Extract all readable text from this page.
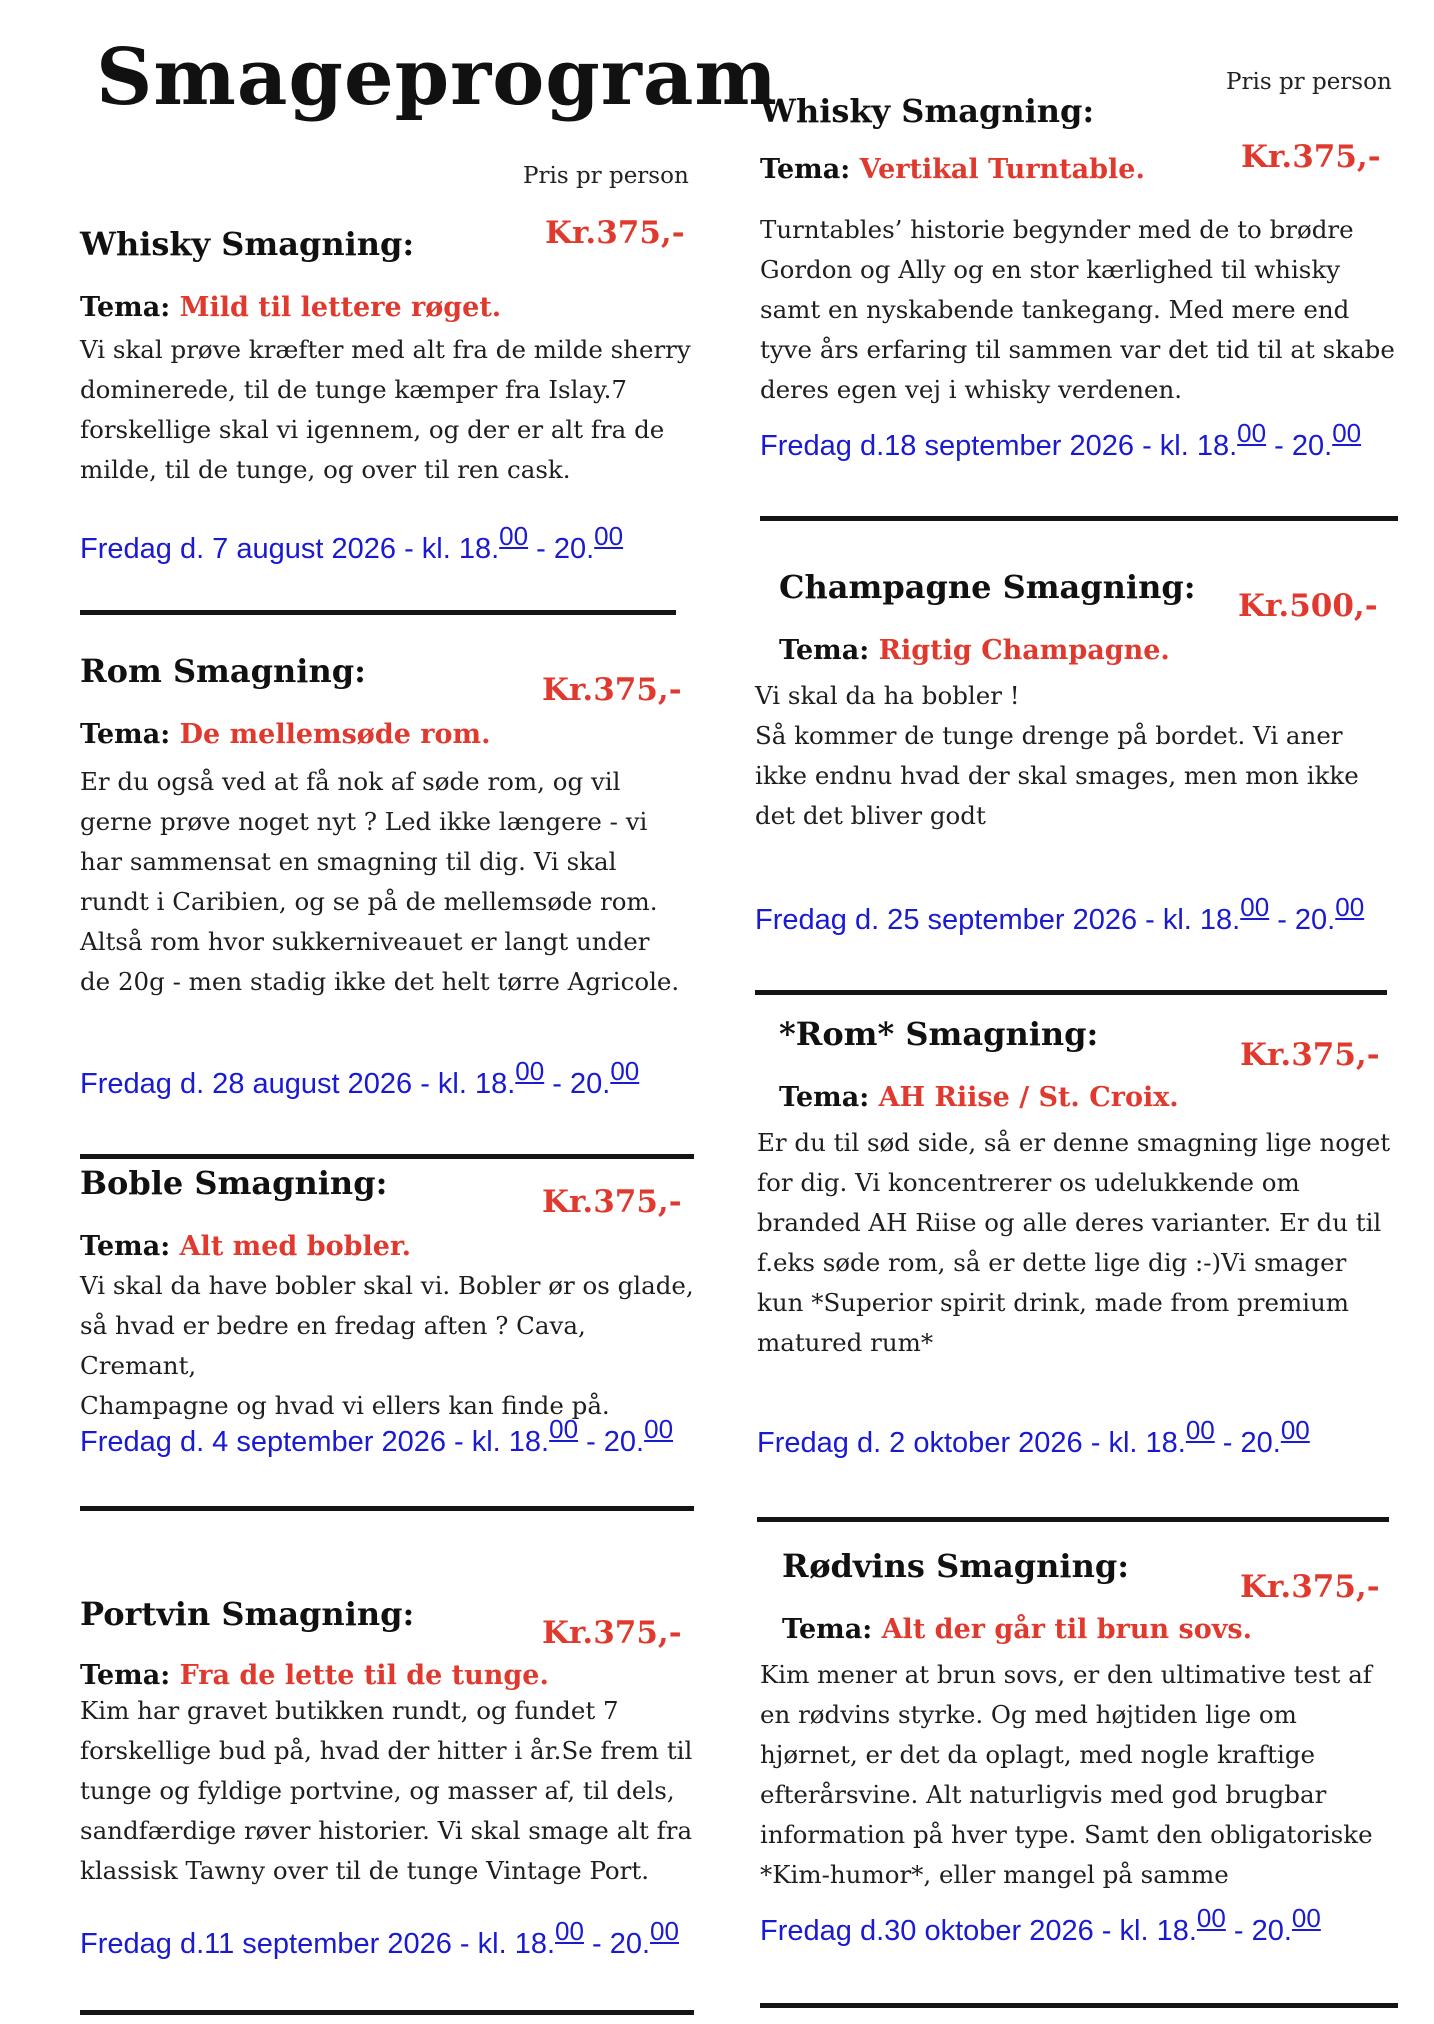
Smageprogram
Pris pr person
Pris pr person
Whisky Smagning:	Kr.375,-
Tema: Mild til lettere røget.
Vi skal prøve kræfter med alt fra de milde sherry
dominerede, til de tunge kæmper fra Islay.7
forskellige skal vi igennem, og der er alt fra de
milde, til de tunge, og over til ren cask.
Fredag d. 7 august 2026 - kl. 18.00 - 20.00
Rom Smagning:	Kr.375,-
Tema: De mellemsøde rom.
Er du også ved at få nok af søde rom, og vil
gerne prøve noget nyt ? Led ikke længere - vi
har sammensat en smagning til dig. Vi skal
rundt i Caribien, og se på de mellemsøde rom.
Altså rom hvor sukkerniveauet er langt under
de 20g - men stadig ikke det helt tørre Agricole.
Fredag d. 28 august 2026 - kl. 18.00 - 20.00
Boble Smagning:	Kr.375,-
Tema: Alt med bobler.
Vi skal da have bobler skal vi. Bobler ør os glade,
så hvad er bedre en fredag aften ? Cava, Cremant,
Champagne og hvad vi ellers kan finde på.
Fredag d. 4 september 2026 - kl. 18.00 - 20.00
Portvin Smagning:	Kr.375,-
Tema: Fra de lette til de tunge.
Kim har gravet butikken rundt, og fundet 7
forskellige bud på, hvad der hitter i år.Se frem til
tunge og fyldige portvine, og masser af, til dels,
sandfærdige røver historier. Vi skal smage alt fra
klassisk Tawny over til de tunge Vintage Port.
Fredag d.11 september 2026 - kl. 18.00 - 20.00
Whisky Smagning:
Kr.375,-
Tema: Vertikal Turntable.
Turntables’ historie begynder med de to brødre
Gordon og Ally og en stor kærlighed til whisky
samt en nyskabende tankegang. Med mere end
tyve års erfaring til sammen var det tid til at skabe
deres egen vej i whisky verdenen.
Fredag d.18 september 2026 - kl. 18.00 - 20.00
Champagne Smagning: Kr.500,-
Tema: Rigtig Champagne.
Vi skal da ha bobler !
Så kommer de tunge drenge på bordet. Vi aner
ikke endnu hvad der skal smages, men mon ikke
det det bliver godt
Fredag d. 25 september 2026 - kl. 18.00 - 20.00
*Rom* Smagning:
Kr.375,-
Tema: AH Riise / St. Croix.
Er du til sød side, så er denne smagning lige noget
for dig. Vi koncentrerer os udelukkende om
branded AH Riise og alle deres varianter. Er du til
f.eks søde rom, så er dette lige dig :-)Vi smager
kun *Superior spirit drink, made from premium
matured rum*
Fredag d. 2 oktober 2026 - kl. 18.00 - 20.00
Rødvins Smagning:
Kr.375,-
Tema: Alt der går til brun sovs.
Kim mener at brun sovs, er den ultimative test af
en rødvins styrke. Og med højtiden lige om
hjørnet, er det da oplagt, med nogle kraftige
efterårsvine. Alt naturligvis med god brugbar
information på hver type. Samt den obligatoriske
*Kim-humor*, eller mangel på samme
Fredag d.30 oktober 2026 - kl. 18.00 - 20.00
